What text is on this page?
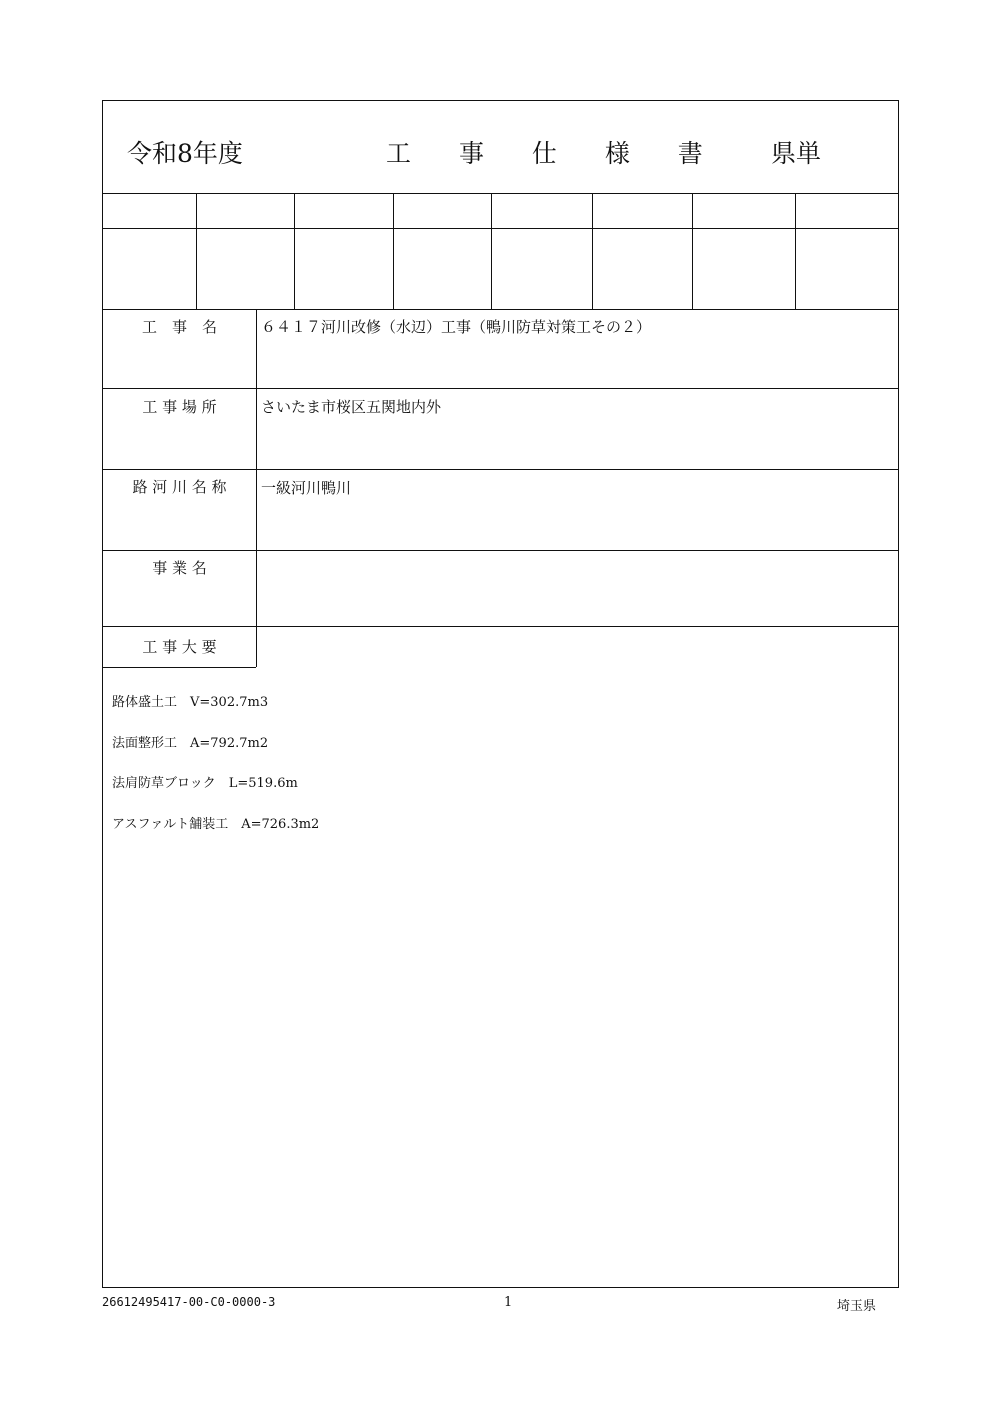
令和8年度	工 事 仕 様 書 県単
工　事　名	６４１７河川改修（水辺）工事（鴨川防草対策工その２）
工 事 場 所	さいたま市桜区五関地内外
路 河 川 名 称	一級河川鴨川
事 業 名
工 事 大 要
路体盛土工　V=302.7m3
法面整形工　A=792.7m2
法肩防草ブロック　L=519.6m
アスファルト舗装工　A=726.3m2
26612495417-00-C0-0000-3	1	埼玉県
